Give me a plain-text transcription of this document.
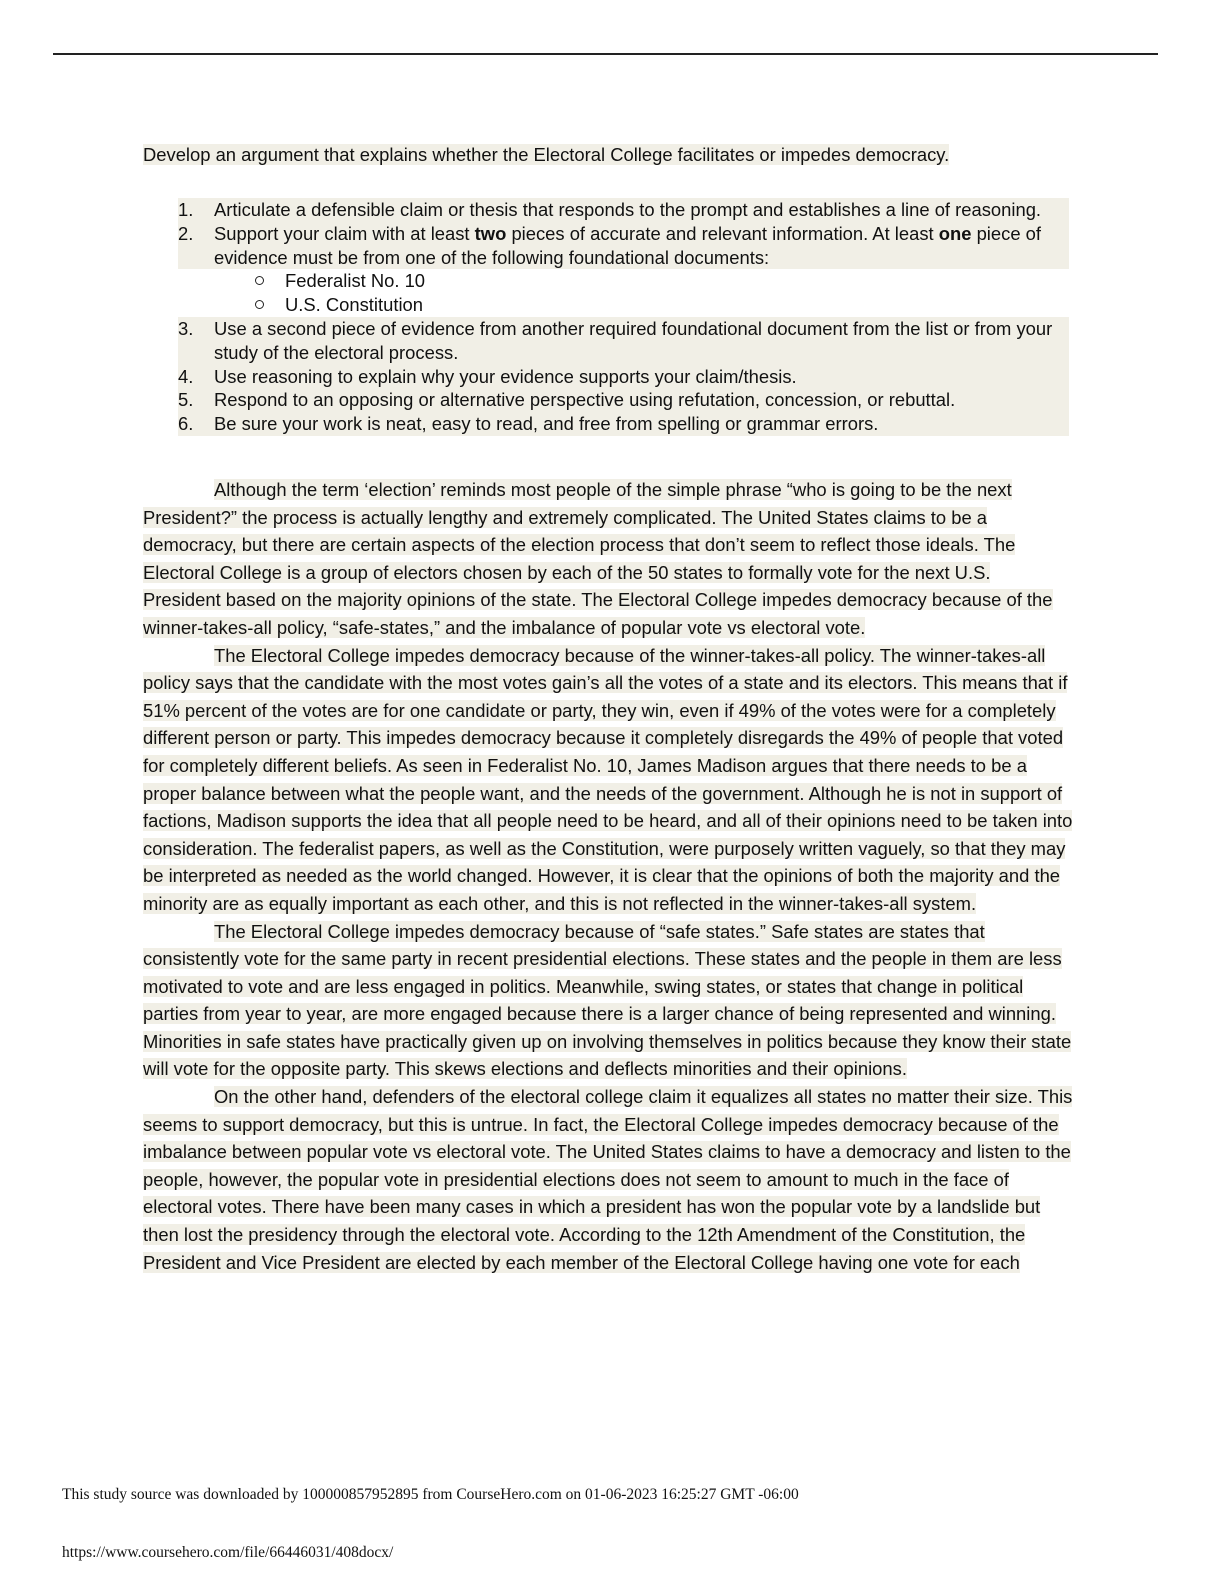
Develop an argument that explains whether the Electoral College facilitates or impedes democracy.
1. Articulate a defensible claim or thesis that responds to the prompt and establishes a line of reasoning.
2. Support your claim with at least two pieces of accurate and relevant information. At least one piece of evidence must be from one of the following foundational documents:
Federalist No. 10
U.S. Constitution
3. Use a second piece of evidence from another required foundational document from the list or from your study of the electoral process.
4. Use reasoning to explain why your evidence supports your claim/thesis.
5. Respond to an opposing or alternative perspective using refutation, concession, or rebuttal.
6. Be sure your work is neat, easy to read, and free from spelling or grammar errors.

Although the term ‘election’ reminds most people of the simple phrase “who is going to be the next President?” the process is actually lengthy and extremely complicated. The United States claims to be a democracy, but there are certain aspects of the election process that don’t seem to reflect those ideals. The Electoral College is a group of electors chosen by each of the 50 states to formally vote for the next U.S. President based on the majority opinions of the state. The Electoral College impedes democracy because of the winner-takes-all policy, “safe-states,” and the imbalance of popular vote vs electoral vote.

The Electoral College impedes democracy because of the winner-takes-all policy. The winner-takes-all policy says that the candidate with the most votes gain’s all the votes of a state and its electors. This means that if 51% percent of the votes are for one candidate or party, they win, even if 49% of the votes were for a completely different person or party. This impedes democracy because it completely disregards the 49% of people that voted for completely different beliefs. As seen in Federalist No. 10, James Madison argues that there needs to be a proper balance between what the people want, and the needs of the government. Although he is not in support of factions, Madison supports the idea that all people need to be heard, and all of their opinions need to be taken into consideration. The federalist papers, as well as the Constitution, were purposely written vaguely, so that they may be interpreted as needed as the world changed. However, it is clear that the opinions of both the majority and the minority are as equally important as each other, and this is not reflected in the winner-takes-all system.

The Electoral College impedes democracy because of “safe states.” Safe states are states that consistently vote for the same party in recent presidential elections. These states and the people in them are less motivated to vote and are less engaged in politics. Meanwhile, swing states, or states that change in political parties from year to year, are more engaged because there is a larger chance of being represented and winning. Minorities in safe states have practically given up on involving themselves in politics because they know their state will vote for the opposite party. This skews elections and deflects minorities and their opinions.

On the other hand, defenders of the electoral college claim it equalizes all states no matter their size. This seems to support democracy, but this is untrue. In fact, the Electoral College impedes democracy because of the imbalance between popular vote vs electoral vote. The United States claims to have a democracy and listen to the people, however, the popular vote in presidential elections does not seem to amount to much in the face of electoral votes. There have been many cases in which a president has won the popular vote by a landslide but then lost the presidency through the electoral vote. According to the 12th Amendment of the Constitution, the President and Vice President are elected by each member of the Electoral College having one vote for each

This study source was downloaded by 100000857952895 from CourseHero.com on 01-06-2023 16:25:27 GMT -06:00
https://www.coursehero.com/file/66446031/408docx/
